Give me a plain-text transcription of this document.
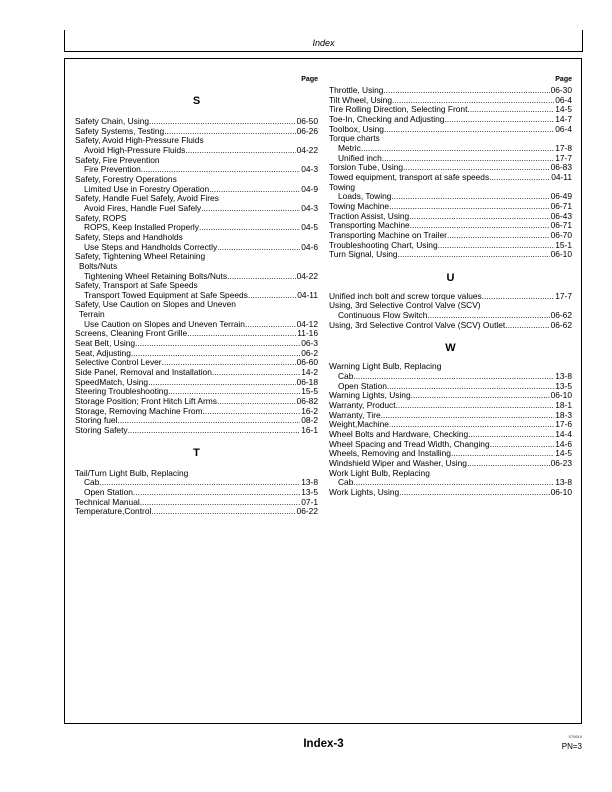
Index
Page
S
Safety Chain, Using .....	06-50
Safety Systems, Testing .....	06-26
Safety, Avoid High-Pressure Fluids
Avoid High-Pressure Fluids .....	04-22
Safety, Fire Prevention
Fire Prevention .....	04-3
Safety, Forestry Operations
Limited Use in Forestry Operation .....	04-9
Safety, Handle Fuel Safely, Avoid Fires
Avoid Fires, Handle Fuel Safely .....	04-3
Safety, ROPS
ROPS, Keep Installed Properly .....	04-5
Safety, Steps and Handholds
Use Steps and Handholds Correctly .....	04-6
Safety, Tightening Wheel Retaining
Bolts/Nuts
Tightening Wheel Retaining Bolts/Nuts .....	04-22
Safety, Transport at Safe Speeds
Transport Towed Equipment at Safe Speeds .....	04-11
Safety, Use Caution on Slopes and Uneven
Terrain
Use Caution on Slopes and Uneven Terrain .....	04-12
Screens, Cleaning Front Grille .....	11-16
Seat Belt, Using .....	06-3
Seat, Adjusting .....	06-2
Selective Control Lever .....	06-60
Side Panel, Removal and Installation .....	14-2
SpeedMatch, Using .....	06-18
Steering Troubleshooting .....	15-5
Storage Position; Front Hitch Lift Arms .....	06-82
Storage, Removing Machine From .....	16-2
Storing fuel .....	08-2
Storing Safety .....	16-1
T
Tail/Turn Light Bulb, Replacing
Cab .....	13-8
Open Station .....	13-5
Technical Manual .....	07-1
Temperature,Control .....	06-22
Page
Throttle, Using .....	06-30
Tilt Wheel, Using .....	06-4
Tire Rolling Direction, Selecting Front .....	14-5
Toe-In, Checking and Adjusting .....	14-7
Toolbox, Using .....	06-4
Torque charts
Metric .....	17-8
Unified inch .....	17-7
Torsion Tube, Using .....	06-83
Towed equipment, transport at safe speeds .....	04-11
Towing
Loads, Towing .....	06-49
Towing Machine .....	06-71
Traction Assist, Using .....	06-43
Transporting Machine .....	06-71
Transporting Machine on Trailer .....	06-70
Troubleshooting Chart, Using .....	15-1
Turn Signal, Using .....	06-10
U
Unified inch bolt and screw torque values .....	17-7
Using, 3rd Selective Control Valve (SCV)
Continuous Flow Switch .....	06-62
Using, 3rd Selective Control Valve (SCV) Outlet .....	06-62
W
Warning Light Bulb, Replacing
Cab .....	13-8
Open Station .....	13-5
Warning Lights, Using .....	06-10
Warranty, Product .....	18-1
Warranty, Tire .....	18-3
Weight,Machine .....	17-6
Wheel Bolts and Hardware, Checking .....	14-4
Wheel Spacing and Tread Width, Changing .....	14-6
Wheels, Removing and Installing .....	14-5
Windshield Wiper and Washer, Using .....	06-23
Work Light Bulb, Replacing
Cab .....	13-8
Work Lights, Using .....	06-10
Index-3
070619
PN=3
